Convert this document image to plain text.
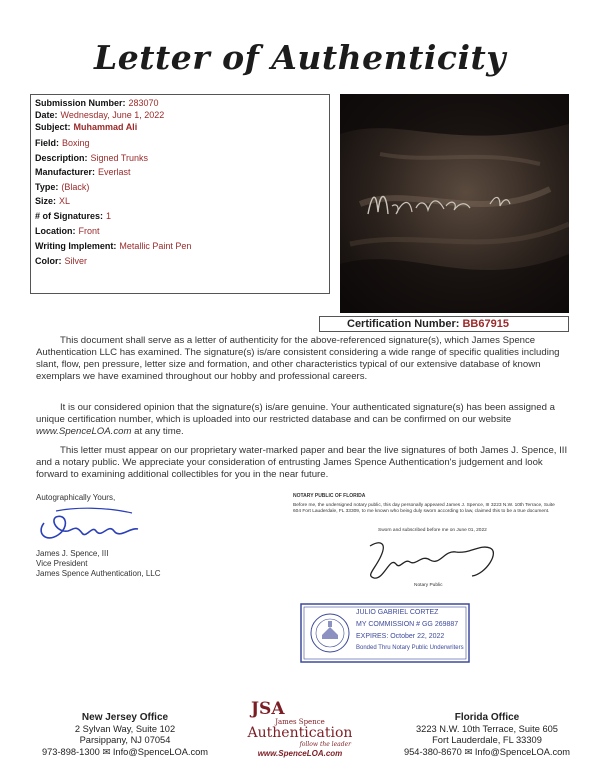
Letter of Authenticity
Submission Number: 283070
Date: Wednesday, June 1, 2022
Subject: Muhammad Ali
Field: Boxing
Description: Signed Trunks
Manufacturer: Everlast
Type: (Black)
Size: XL
# of Signatures: 1
Location: Front
Writing Implement: Metallic Paint Pen
Color: Silver
Certification Number: BB67915

This document shall serve as a letter of authenticity for the above-referenced signature(s), which James Spence Authentication LLC has examined. The signature(s) is/are consistent considering a wide range of specific qualities including slant, flow, pen pressure, letter size and formation, and other characteristics typical of our extensive database of known exemplars we have examined throughout our hobby and professional careers.

It is our considered opinion that the signature(s) is/are genuine. Your authenticated signature(s) has been assigned a unique certification number, which is uploaded into our restricted database and can be confirmed on our website www.SpenceLOA.com at any time.

This letter must appear on our proprietary water-marked paper and bear the live signatures of both James J. Spence, III and a notary public. We appreciate your consideration of entrusting James Spence Authentication's judgement and look forward to examining additional collectibles for you in the near future.

Autographically Yours,
James J. Spence, III
Vice President
James Spence Authentication, LLC
NOTARY PUBLIC OF FLORIDA
Before me, the undersigned notary public, this day personally appeared James J. Spence, III 3223 N.W. 10th Terrace, Suite 604 Fort Lauderdale, FL 33309, to me known who being duly sworn according to law, claimed this to be a true document.
Sworn and subscribed before me on June 01, 2022
Notary Public
JULIO GABRIEL CORTEZ
MY COMMISSION # GG 269887
EXPIRES: October 22, 2022
Bonded Thru Notary Public Underwriters
New Jersey Office
2 Sylvan Way, Suite 102
Parsippany, NJ 07054
973-898-1300 ✉ Info@SpenceLOA.com
JSA
James Spence
Authentication
follow the leader
www.SpenceLOA.com
Florida Office
3223 N.W. 10th Terrace, Suite 605
Fort Lauderdale, FL 33309
954-380-8670 ✉ Info@SpenceLOA.com
